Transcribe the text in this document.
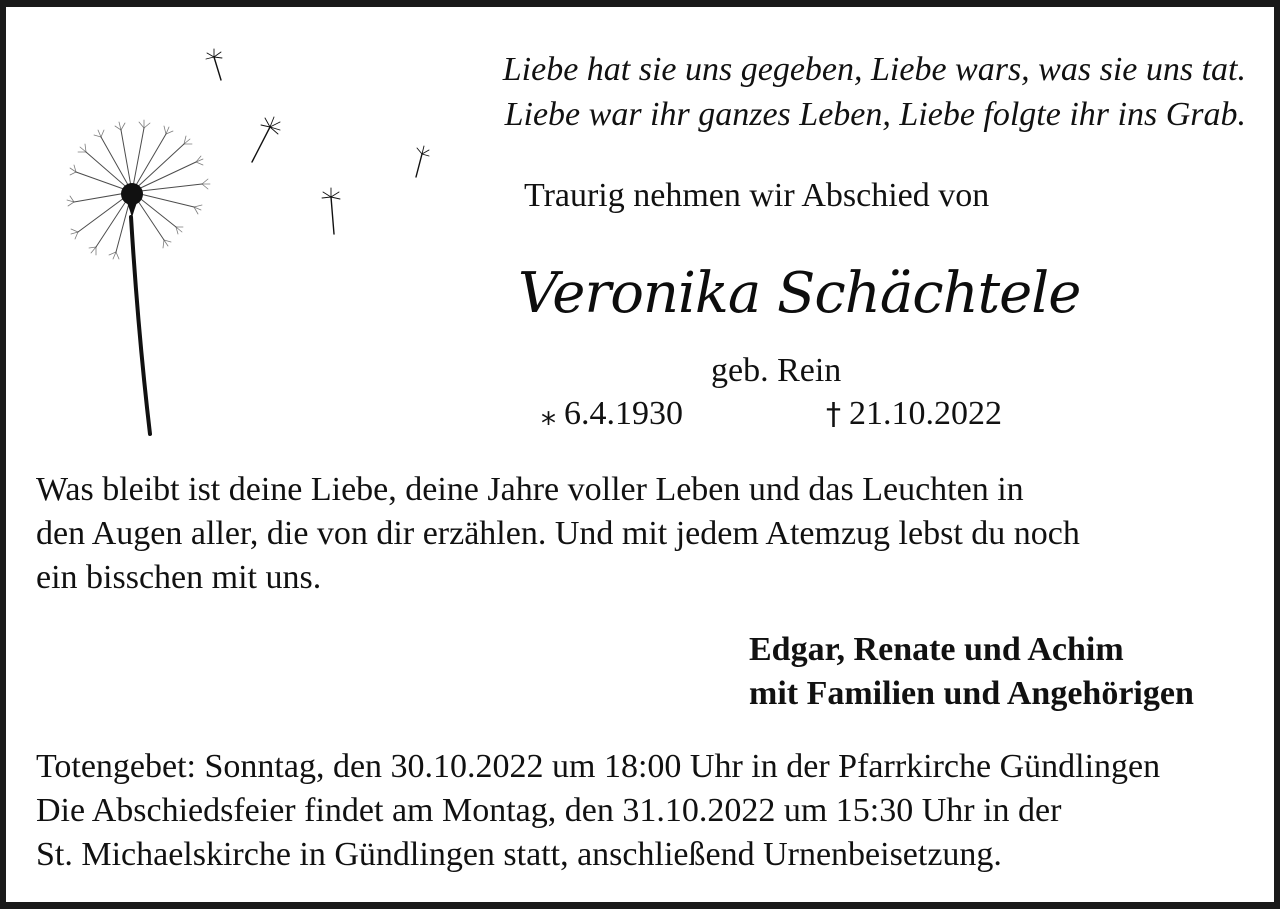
Liebe hat sie uns gegeben, Liebe wars, was sie uns tat.
Liebe war ihr ganzes Leben, Liebe folgte ihr ins Grab.
Traurig nehmen wir Abschied von
Veronika Schächtele
geb. Rein
⁎ 6.4.1930	† 21.10.2022
Was bleibt ist deine Liebe, deine Jahre voller Leben und das Leuchten in
den Augen aller, die von dir erzählen. Und mit jedem Atemzug lebst du noch
ein bisschen mit uns.
Edgar, Renate und Achim
mit Familien und Angehörigen
Totengebet: Sonntag, den 30.10.2022 um 18:00 Uhr in der Pfarrkirche Gündlingen
Die Abschiedsfeier findet am Montag, den 31.10.2022 um 15:30 Uhr in der
St. Michaelskirche in Gündlingen statt, anschließend Urnenbeisetzung.
